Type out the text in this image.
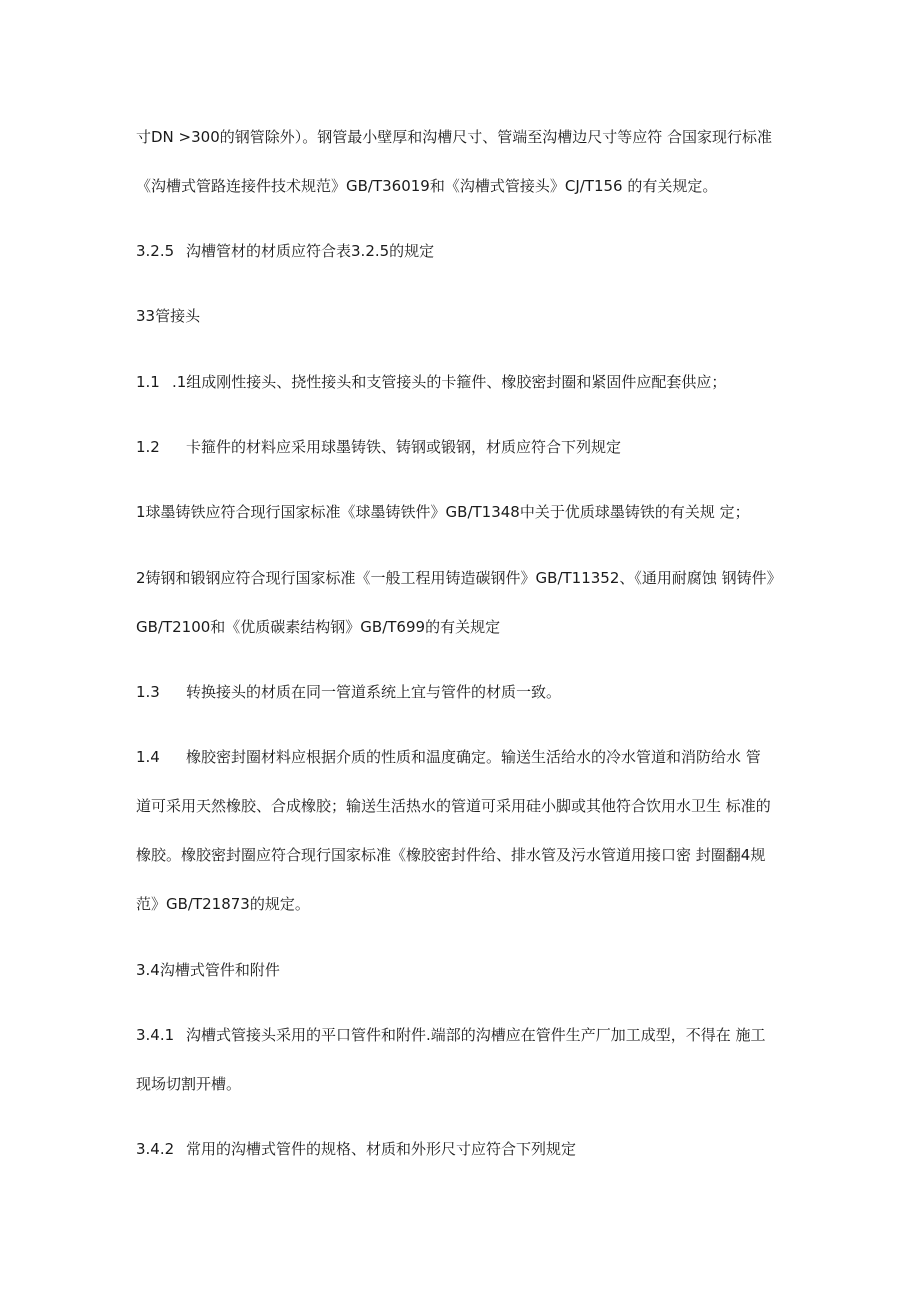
寸DN >300的钢管除外）。钢管最小壁厚和沟槽尺寸、管端至沟槽边尺寸等应符 合国家现行标准
《沟槽式管路连接件技术规范》GB/T36019和《沟槽式管接头》CJ/T156 的有关规定。
3.2.5 沟槽管材的材质应符合表3.2.5的规定
33管接头
1.1 .1组成刚性接头、挠性接头和支管接头的卡箍件、橡胶密封圈和紧固件应配套供应；
1.2 卡箍件的材料应采用球墨铸铁、铸钢或锻钢，材质应符合下列规定
1球墨铸铁应符合现行国家标准《球墨铸铁件》GB/T1348中关于优质球墨铸铁的有关规 定；
2铸钢和锻钢应符合现行国家标准《一般工程用铸造碳钢件》GB/T11352、《通用耐腐蚀 钢铸件》
GB/T2100和《优质碳素结构钢》GB/T699的有关规定
1.3 转换接头的材质在同一管道系统上宜与管件的材质一致。
1.4 橡胶密封圈材料应根据介质的性质和温度确定。输送生活给水的冷水管道和消防给水 管
道可采用天然橡胶、合成橡胶；输送生活热水的管道可采用硅小脚或其他符合饮用水卫生 标准的
橡胶。橡胶密封圈应符合现行国家标准《橡胶密封件给、排水管及污水管道用接口密 封圈翻4规
范》GB/T21873的规定。
3.4沟槽式管件和附件
3.4.1 沟槽式管接头采用的平口管件和附件.端部的沟槽应在管件生产厂加工成型，不得在 施工
现场切割开槽。
3.4.2 常用的沟槽式管件的规格、材质和外形尺寸应符合下列规定
